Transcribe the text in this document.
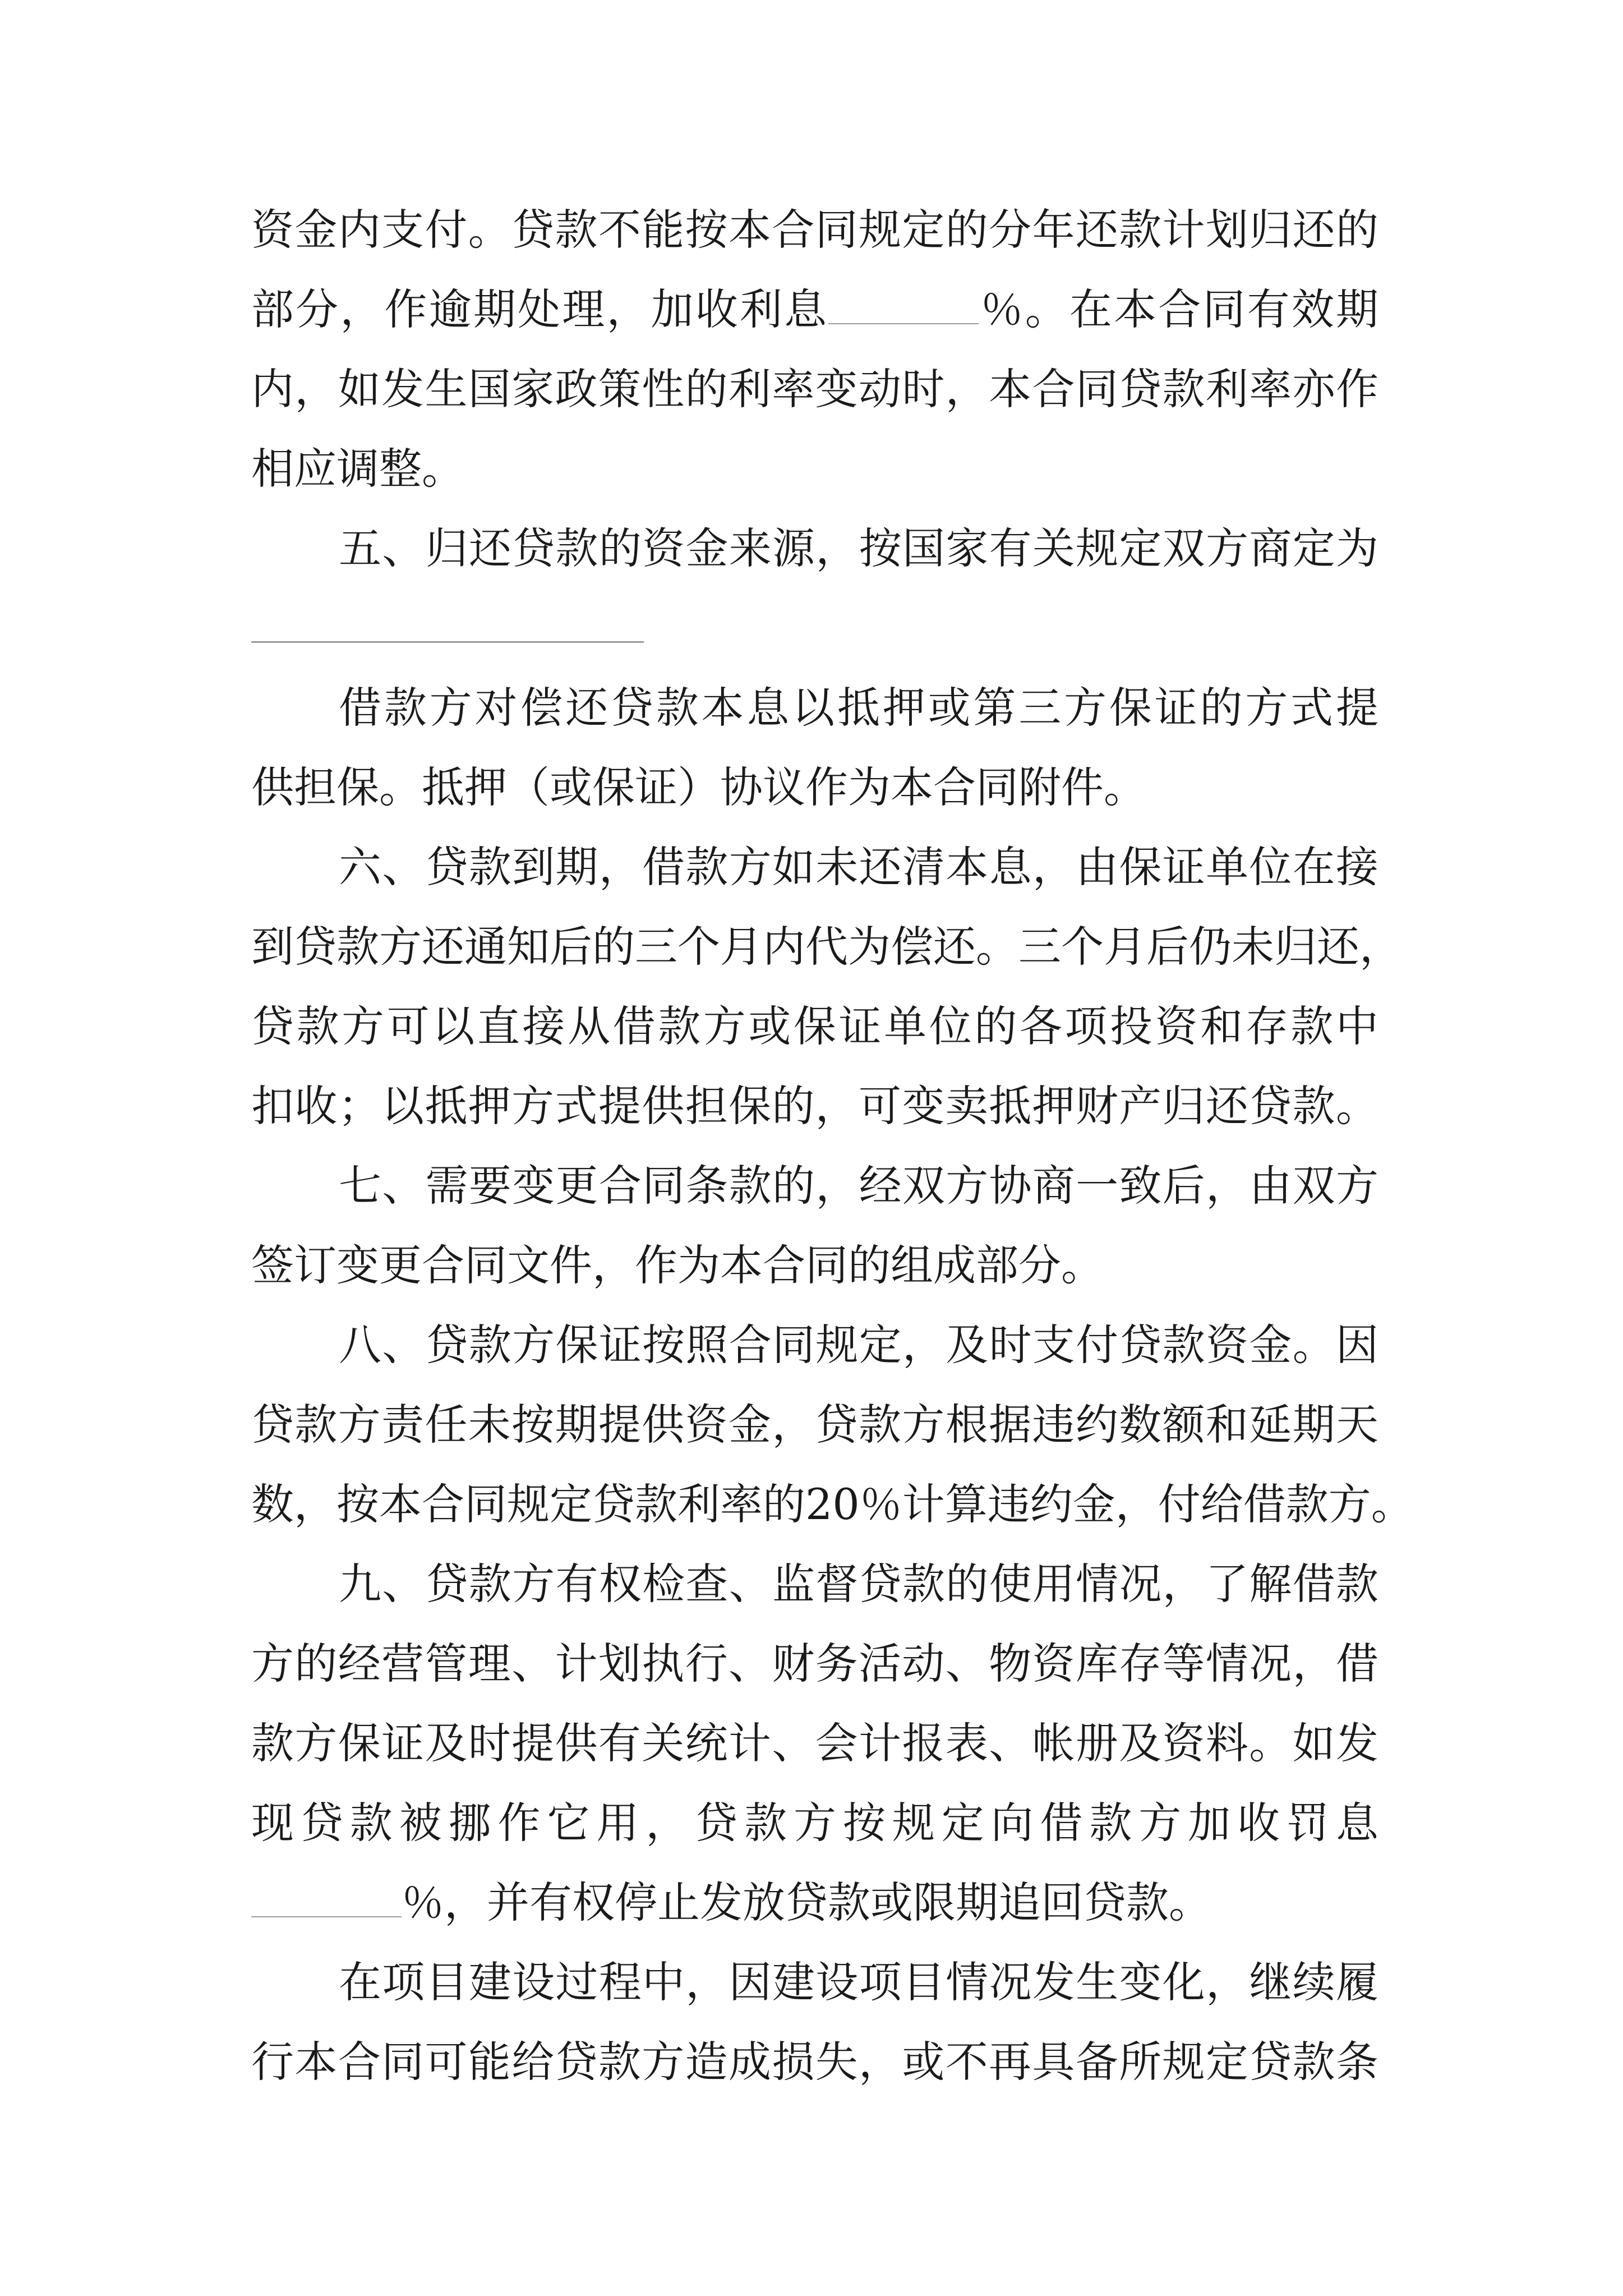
资金内支付。贷款不能按本合同规定的分年还款计划归还的
部分，作逾期处理，加收利息	％。在本合同有效期
内，如发生国家政策性的利率变动时，本合同贷款利率亦作
相应调整。
五、归还贷款的资金来源，按国家有关规定双方商定为
借款方对偿还贷款本息以抵押或第三方保证的方式提
供担保。抵押（或保证）协议作为本合同附件。
六、贷款到期，借款方如未还清本息，由保证单位在接
到贷款方还通知后的三个月内代为偿还。三个月后仍未归还，
贷款方可以直接从借款方或保证单位的各项投资和存款中
扣收；以抵押方式提供担保的，可变卖抵押财产归还贷款。
七、需要变更合同条款的，经双方协商一致后，由双方
签订变更合同文件，作为本合同的组成部分。
八、贷款方保证按照合同规定，及时支付贷款资金。因
贷款方责任未按期提供资金，贷款方根据违约数额和延期天
数，按本合同规定贷款利率的20％计算违约金，付给借款方。
九、贷款方有权检查、监督贷款的使用情况，了解借款
方的经营管理、计划执行、财务活动、物资库存等情况，借
款方保证及时提供有关统计、会计报表、帐册及资料。如发
现贷款被挪作它用，贷款方按规定向借款方加收罚息
％，并有权停止发放贷款或限期追回贷款。
在项目建设过程中，因建设项目情况发生变化，继续履
行本合同可能给贷款方造成损失，或不再具备所规定贷款条
